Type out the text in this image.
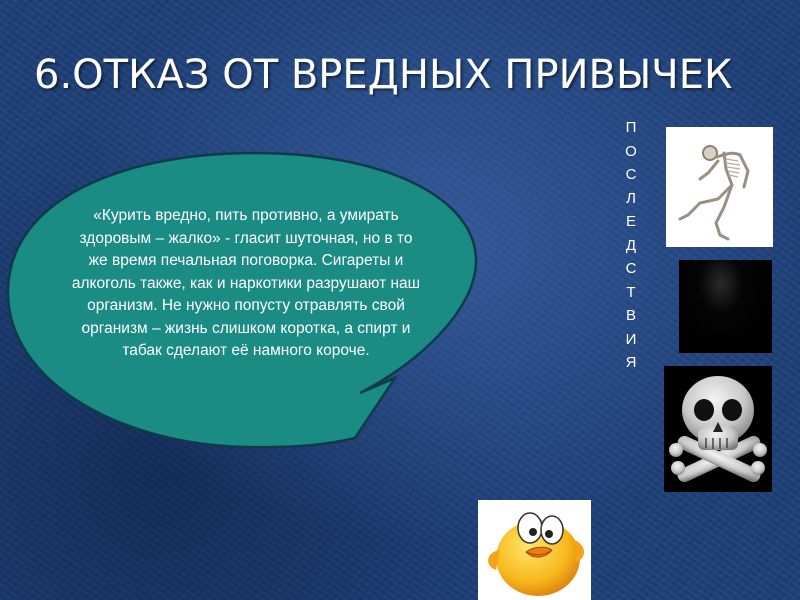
6.ОТКАЗ ОТ ВРЕДНЫХ ПРИВЫЧЕК
«Курить вредно, пить противно, а умирать здоровым – жалко» - гласит шуточная, но в то же время печальная поговорка. Сигареты и алкоголь также, как и наркотики разрушают наш организм. Не нужно попусту отравлять свой организм – жизнь слишком коротка, а спирт и табак сделают её намного короче.
П
О
С
Л
Е
Д
С
Т
В
И
Я
